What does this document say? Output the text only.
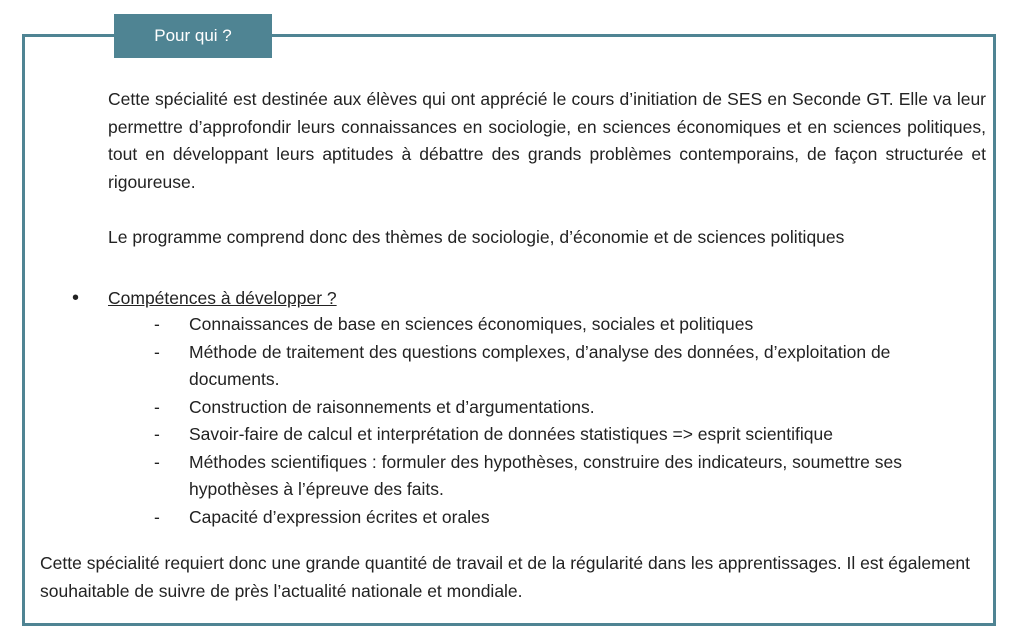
Pour qui ?

Cette spécialité est destinée aux élèves qui ont apprécié le cours d’initiation de SES en Seconde GT. Elle va leur permettre d’approfondir leurs connaissances en sociologie, en sciences économiques et en sciences politiques, tout en développant leurs aptitudes à débattre des grands problèmes contemporains, de façon structurée et rigoureuse.

Le programme comprend donc des thèmes de sociologie, d’économie et de sciences politiques

• Compétences à développer ?
- Connaissances de base en sciences économiques, sociales et politiques
- Méthode de traitement des questions complexes, d’analyse des données, d’exploitation de documents.
- Construction de raisonnements et d’argumentations.
- Savoir-faire de calcul et interprétation de données statistiques => esprit scientifique
- Méthodes scientifiques : formuler des hypothèses, construire des indicateurs, soumettre ses hypothèses à l’épreuve des faits.
- Capacité d’expression écrites et orales

Cette spécialité requiert donc une grande quantité de travail et de la régularité dans les apprentissages. Il est également souhaitable de suivre de près l’actualité nationale et mondiale.
